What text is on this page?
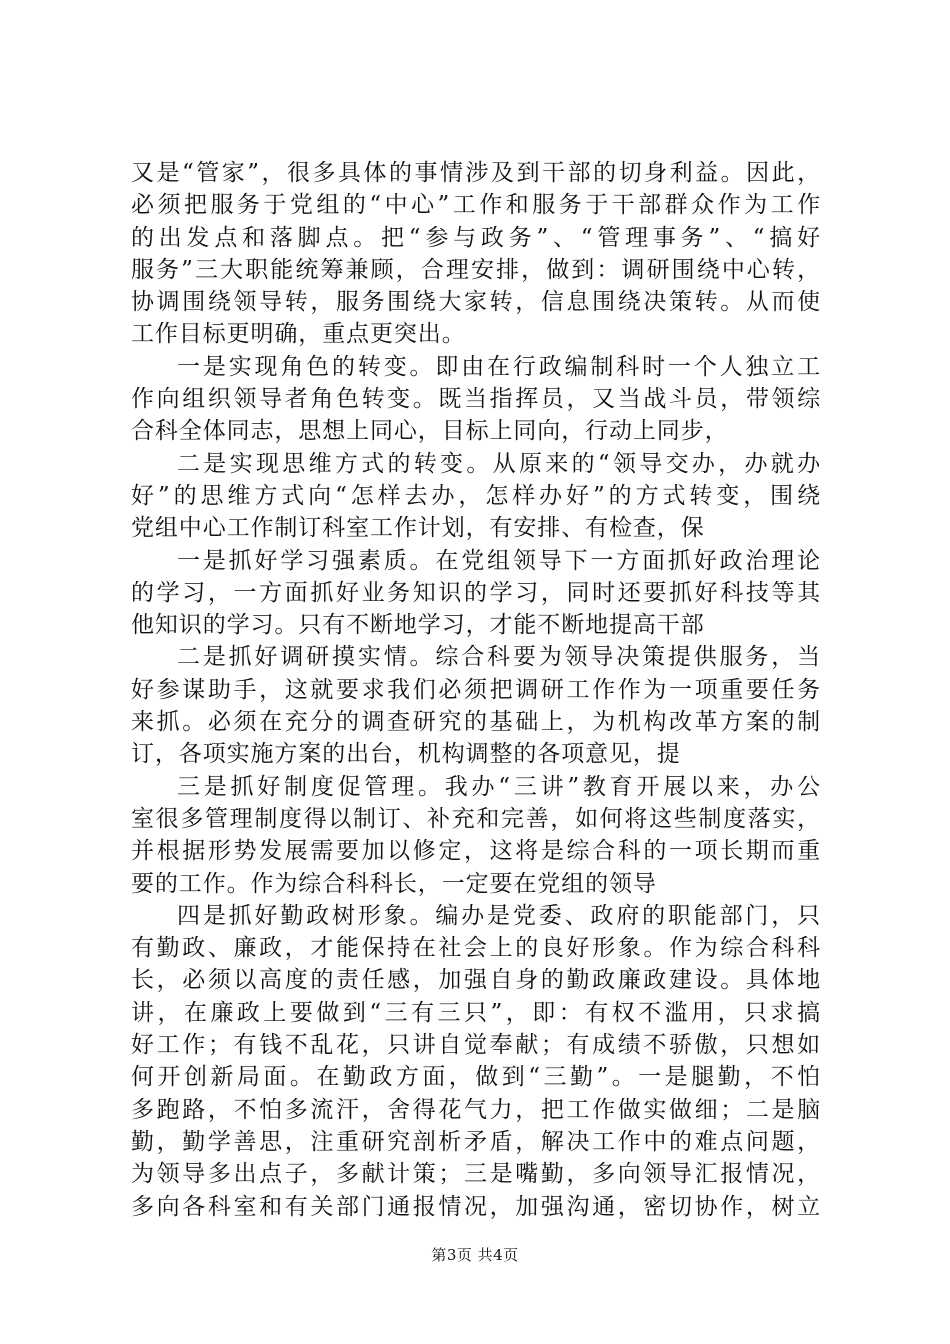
又是“管家”，很多具体的事情涉及到干部的切身利益。因此，
必须把服务于党组的“中心”工作和服务于干部群众作为工作
的出发点和落脚点。把“参与政务”、“管理事务”、“搞好
服务”三大职能统筹兼顾，合理安排，做到：调研围绕中心转，
协调围绕领导转，服务围绕大家转，信息围绕决策转。从而使
工作目标更明确，重点更突出。
一是实现角色的转变。即由在行政编制科时一个人独立工
作向组织领导者角色转变。既当指挥员，又当战斗员，带领综
合科全体同志，思想上同心，目标上同向，行动上同步，
二是实现思维方式的转变。从原来的“领导交办，办就办
好”的思维方式向“怎样去办，怎样办好”的方式转变，围绕
党组中心工作制订科室工作计划，有安排、有检查，保
一是抓好学习强素质。在党组领导下一方面抓好政治理论
的学习，一方面抓好业务知识的学习，同时还要抓好科技等其
他知识的学习。只有不断地学习，才能不断地提高干部
二是抓好调研摸实情。综合科要为领导决策提供服务，当
好参谋助手，这就要求我们必须把调研工作作为一项重要任务
来抓。必须在充分的调查研究的基础上，为机构改革方案的制
订，各项实施方案的出台，机构调整的各项意见，提
三是抓好制度促管理。我办“三讲”教育开展以来，办公
室很多管理制度得以制订、补充和完善，如何将这些制度落实，
并根据形势发展需要加以修定，这将是综合科的一项长期而重
要的工作。作为综合科科长，一定要在党组的领导
四是抓好勤政树形象。编办是党委、政府的职能部门，只
有勤政、廉政，才能保持在社会上的良好形象。作为综合科科
长，必须以高度的责任感，加强自身的勤政廉政建设。具体地
讲，在廉政上要做到“三有三只”，即：有权不滥用，只求搞
好工作；有钱不乱花，只讲自觉奉献；有成绩不骄傲，只想如
何开创新局面。在勤政方面，做到“三勤”。一是腿勤，不怕
多跑路，不怕多流汗，舍得花气力，把工作做实做细；二是脑
勤，勤学善思，注重研究剖析矛盾，解决工作中的难点问题，
为领导多出点子，多献计策；三是嘴勤，多向领导汇报情况，
多向各科室和有关部门通报情况，加强沟通，密切协作，树立
第3页 共4页
